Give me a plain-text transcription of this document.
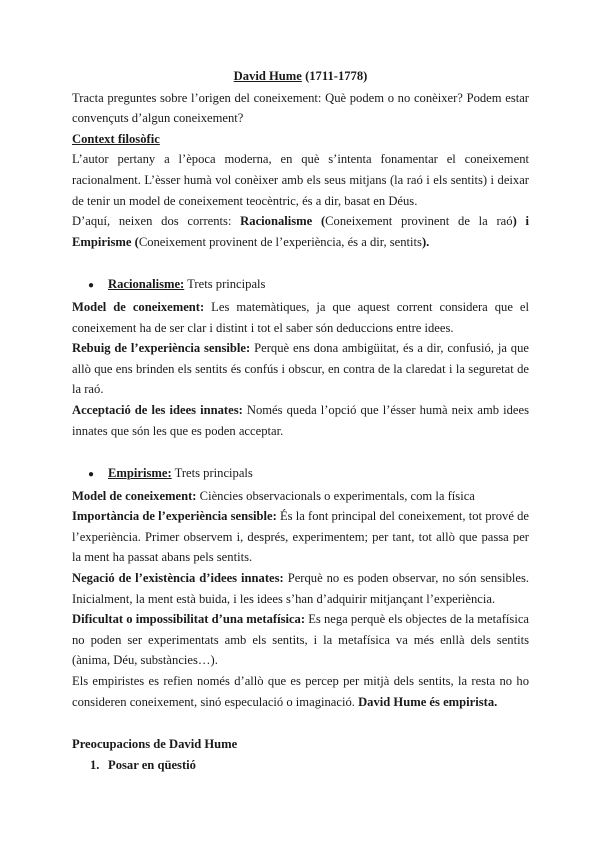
David Hume (1711-1778)

Tracta preguntes sobre l’origen del coneixement: Què podem o no conèixer? Podem estar convençuts d’algun coneixement?

Context filosòfic

L’autor pertany a l’època moderna, en què s’intenta fonamentar el coneixement racionalment. L’èsser humà vol conèixer amb els seus mitjans (la raó i els sentits) i deixar de tenir un model de coneixement teocèntric, és a dir, basat en Déus.

D’aquí, neixen dos corrents: Racionalisme (Coneixement provinent de la raó) i Empirisme (Coneixement provinent de l’experiència, és a dir, sentits).

●	Racionalisme: Trets principals

Model de coneixement: Les matemàtiques, ja que aquest corrent considera que el coneixement ha de ser clar i distint i tot el saber són deduccions entre idees.

Rebuig de l’experiència sensible: Perquè ens dona ambigüitat, és a dir, confusió, ja que allò que ens brinden els sentits és confús i obscur, en contra de la claredat i la seguretat de la raó.

Acceptació de les idees innates: Només queda l’opció que l’ésser humà neix amb idees innates que són les que es poden acceptar.

●	Empirisme: Trets principals

Model de coneixement: Ciències observacionals o experimentals, com la física

Importància de l’experiència sensible: És la font principal del coneixement, tot prové de l’experiència. Primer observem i, després, experimentem; per tant, tot allò que passa per la ment ha passat abans pels sentits.

Negació de l’existència d’idees innates: Perquè no es poden observar, no són sensibles. Inicialment, la ment està buida, i les idees s’han d’adquirir mitjançant l’experiència.

Dificultat o impossibilitat d’una metafísica: Es nega perquè els objectes de la metafísica no poden ser experimentats amb els sentits, i la metafísica va més enllà dels sentits (ànima, Déu, substàncies…).

Els empiristes es refien només d’allò que es percep per mitjà dels sentits, la resta no ho consideren coneixement, sinó especulació o imaginació. David Hume és empirista.

Preocupacions de David Hume

1. Posar en qüestió
